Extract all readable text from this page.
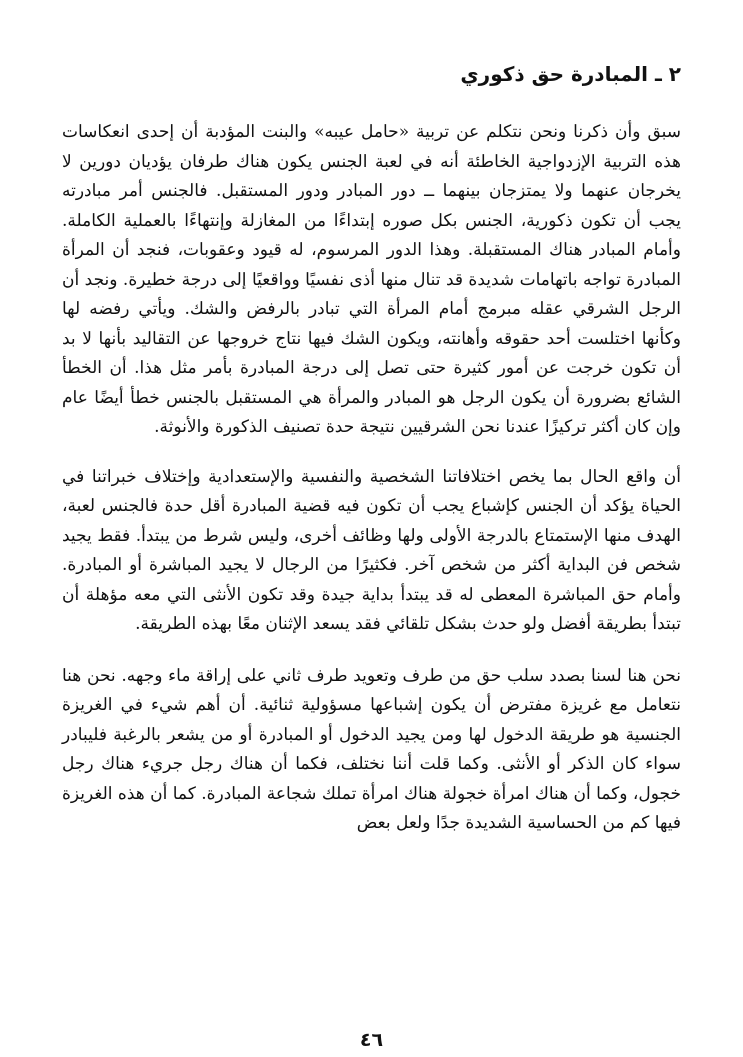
٢ ـ المبادرة حق ذكوري

سبق وأن ذكرنا ونحن نتكلم عن تربية «حامل عيبه» والبنت المؤدبة أن إحدى انعكاسات هذه التربية الإزدواجية الخاطئة أنه في لعبة الجنس يكون هناك طرفان يؤديان دورين لا يخرجان عنهما ولا يمتزجان بينهما ــ دور المبادر ودور المستقبل. فالجنس أمر مبادرته يجب أن تكون ذكورية، الجنس بكل صوره إبتداءًا من المغازلة وإنتهاءًا بالعملية الكاملة. وأمام المبادر هناك المستقبلة. وهذا الدور المرسوم، له قيود وعقوبات، فنجد أن المرأة المبادرة تواجه باتهامات شديدة قد تنال منها أذى نفسيًا وواقعيًا إلى درجة خطيرة. ونجد أن الرجل الشرقي عقله مبرمج أمام المرأة التي تبادر بالرفض والشك. ويأتي رفضه لها وكأنها اختلست أحد حقوقه وأهانته، ويكون الشك فيها نتاج خروجها عن التقاليد بأنها لا بد أن تكون خرجت عن أمور كثيرة حتى تصل إلى درجة المبادرة بأمر مثل هذا. أن الخطأ الشائع بضرورة أن يكون الرجل هو المبادر والمرأة هي المستقبل بالجنس خطأ أيضًا عام وإن كان أكثر تركيزًا عندنا نحن الشرقيين نتيجة حدة تصنيف الذكورة والأنوثة.

أن واقع الحال بما يخص اختلافاتنا الشخصية والنفسية والإستعدادية وإختلاف خبراتنا في الحياة يؤكد أن الجنس كإشباع يجب أن تكون فيه قضية المبادرة أقل حدة فالجنس لعبة، الهدف منها الإستمتاع بالدرجة الأولى ولها وظائف أخرى، وليس شرط من يبتدأ. فقط يجيد شخص فن البداية أكثر من شخص آخر. فكثيرًا من الرجال لا يجيد المباشرة أو المبادرة. وأمام حق المباشرة المعطى له قد يبتدأ بداية جيدة وقد تكون الأنثى التي معه مؤهلة أن تبتدأ بطريقة أفضل ولو حدث بشكل تلقائي فقد يسعد الإثنان معًا بهذه الطريقة.

نحن هنا لسنا بصدد سلب حق من طرف وتعويد طرف ثاني على إراقة ماء وجهه. نحن هنا نتعامل مع غريزة مفترض أن يكون إشباعها مسؤولية ثنائية. أن أهم شيء في الغريزة الجنسية هو طريقة الدخول لها ومن يجيد الدخول أو المبادرة أو من يشعر بالرغبة فليبادر سواء كان الذكر أو الأنثى. وكما قلت أننا نختلف، فكما أن هناك رجل جريء هناك رجل خجول، وكما أن هناك امرأة خجولة هناك امرأة تملك شجاعة المبادرة. كما أن هذه الغريزة فيها كم من الحساسية الشديدة جدًا ولعل بعض

٤٦
